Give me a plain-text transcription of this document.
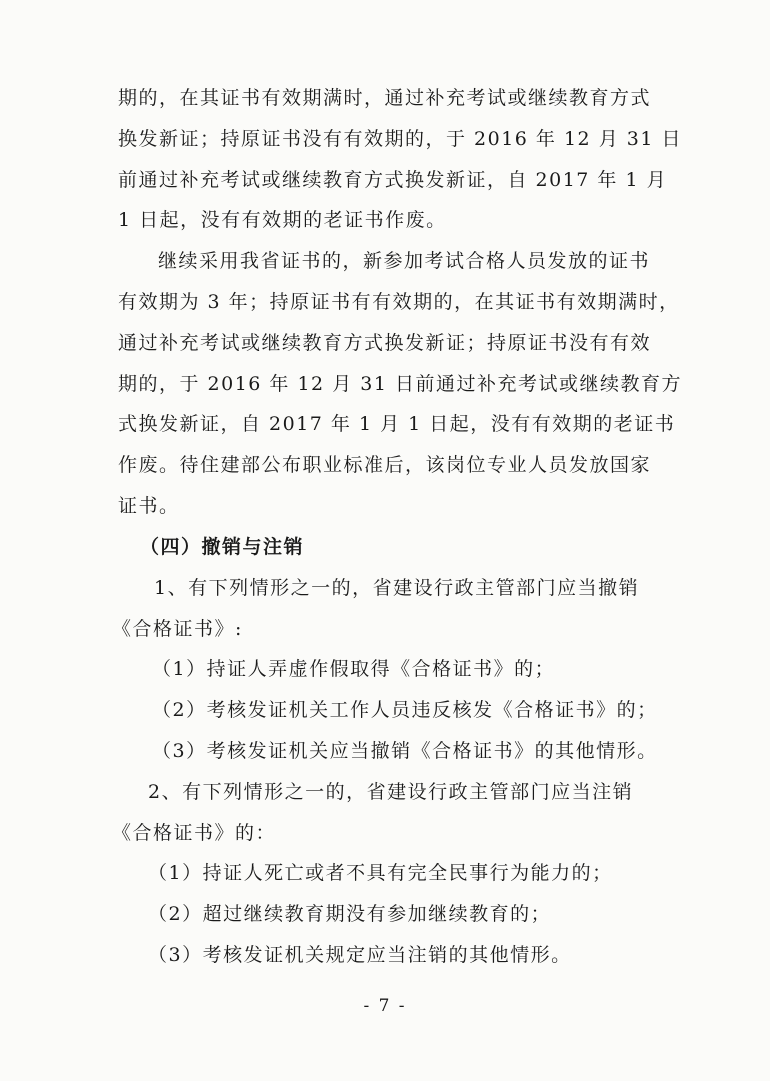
期的，在其证书有效期满时，通过补充考试或继续教育方式
换发新证；持原证书没有有效期的，于 2016 年 12 月 31 日
前通过补充考试或继续教育方式换发新证，自 2017 年 1 月
1 日起，没有有效期的老证书作废。
继续采用我省证书的，新参加考试合格人员发放的证书
有效期为 3 年；持原证书有有效期的，在其证书有效期满时，
通过补充考试或继续教育方式换发新证；持原证书没有有效
期的，于 2016 年 12 月 31 日前通过补充考试或继续教育方
式换发新证，自 2017 年 1 月 1 日起，没有有效期的老证书
作废。待住建部公布职业标准后，该岗位专业人员发放国家
证书。
（四）撤销与注销
1、有下列情形之一的，省建设行政主管部门应当撤销
《合格证书》:
（1）持证人弄虚作假取得《合格证书》的；
（2）考核发证机关工作人员违反核发《合格证书》的；
（3）考核发证机关应当撤销《合格证书》的其他情形。
2、有下列情形之一的，省建设行政主管部门应当注销
《合格证书》的：
（1）持证人死亡或者不具有完全民事行为能力的；
（2）超过继续教育期没有参加继续教育的；
（3）考核发证机关规定应当注销的其他情形。
- 7 -
